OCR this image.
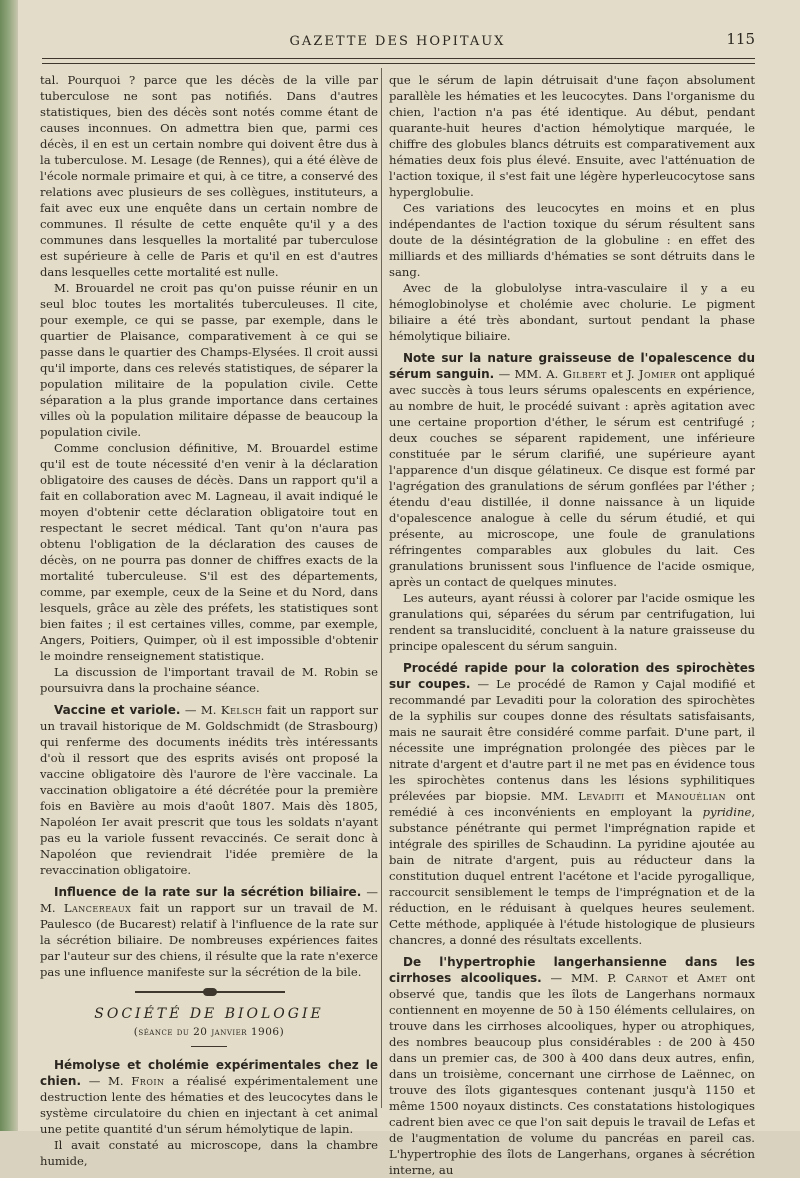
GAZETTE DES HOPITAUX	115

tal. Pourquoi ? parce que les décès de la ville par tuberculose ne sont pas notifiés. Dans d'autres statistiques, bien des décès sont notés comme étant de causes inconnues. On admettra bien que, parmi ces décès, il en est un certain nombre qui doivent être dus à la tuberculose. M. Lesage (de Rennes), qui a été élève de l'école normale primaire et qui, à ce titre, a conservé des relations avec plusieurs de ses collègues, instituteurs, a fait avec eux une enquête dans un certain nombre de communes. Il résulte de cette enquête qu'il y a des communes dans lesquelles la mortalité par tuberculose est supérieure à celle de Paris et qu'il en est d'autres dans lesquelles cette mortalité est nulle.

M. Brouardel ne croit pas qu'on puisse réunir en un seul bloc toutes les mortalités tuberculeuses. Il cite, pour exemple, ce qui se passe, par exemple, dans le quartier de Plaisance, comparativement à ce qui se passe dans le quartier des Champs-Elysées. Il croit aussi qu'il importe, dans ces relevés statistiques, de séparer la population militaire de la population civile. Cette séparation a la plus grande importance dans certaines villes où la population militaire dépasse de beaucoup la population civile.

Comme conclusion définitive, M. Brouardel estime qu'il est de toute nécessité d'en venir à la déclaration obligatoire des causes de décès. Dans un rapport qu'il a fait en collaboration avec M. Lagneau, il avait indiqué le moyen d'obtenir cette déclaration obligatoire tout en respectant le secret médical. Tant qu'on n'aura pas obtenu l'obligation de la déclaration des causes de décès, on ne pourra pas donner de chiffres exacts de la mortalité tuberculeuse. S'il est des départements, comme, par exemple, ceux de la Seine et du Nord, dans lesquels, grâce au zèle des préfets, les statistiques sont bien faites ; il est certaines villes, comme, par exemple, Angers, Poitiers, Quimper, où il est impossible d'obtenir le moindre renseignement statistique.

La discussion de l'important travail de M. Robin se poursuivra dans la prochaine séance.

Vaccine et variole. — M. Kelsch fait un rapport sur un travail historique de M. Goldschmidt (de Strasbourg) qui renferme des documents inédits très intéressants d'où il ressort que des esprits avisés ont proposé la vaccine obligatoire dès l'aurore de l'ère vaccinale. La vaccination obligatoire a été décrétée pour la première fois en Bavière au mois d'août 1807. Mais dès 1805, Napoléon Ier avait prescrit que tous les soldats n'ayant pas eu la variole fussent revaccinés. Ce serait donc à Napoléon que reviendrait l'idée première de la revaccination obligatoire.

Influence de la rate sur la sécrétion biliaire. — M. Lancereaux fait un rapport sur un travail de M. Paulesco (de Bucarest) relatif à l'influence de la rate sur la sécrétion biliaire. De nombreuses expériences faites par l'auteur sur des chiens, il résulte que la rate n'exerce pas une influence manifeste sur la sécrétion de la bile.

SOCIÉTÉ DE BIOLOGIE
(séance du 20 janvier 1906)

Hémolyse et cholémie expérimentales chez le chien. — M. Froin a réalisé expérimentalement une destruction lente des hématies et des leucocytes dans le système circulatoire du chien en injectant à cet animal une petite quantité d'un sérum hémolytique de lapin.

Il avait constaté au microscope, dans la chambre humide,

que le sérum de lapin détruisait d'une façon absolument parallèle les hématies et les leucocytes. Dans l'organisme du chien, l'action n'a pas été identique. Au début, pendant quarante-huit heures d'action hémolytique marquée, le chiffre des globules blancs détruits est comparativement aux hématies deux fois plus élevé. Ensuite, avec l'atténuation de l'action toxique, il s'est fait une légère hyperleucocytose sans hyperglobulie.

Ces variations des leucocytes en moins et en plus indépendantes de l'action toxique du sérum résultent sans doute de la désintégration de la globuline : en effet des milliards et des milliards d'hématies se sont détruits dans le sang.

Avec de la globulolyse intra-vasculaire il y a eu hémoglobinolyse et cholémie avec cholurie. Le pigment biliaire a été très abondant, surtout pendant la phase hémolytique biliaire.

Note sur la nature graisseuse de l'opalescence du sérum sanguin. — MM. A. Gilbert et J. Jomier ont appliqué avec succès à tous leurs sérums opalescents en expérience, au nombre de huit, le procédé suivant : après agitation avec une certaine proportion d'éther, le sérum est centrifugé ; deux couches se séparent rapidement, une inférieure constituée par le sérum clarifié, une supérieure ayant l'apparence d'un disque gélatineux. Ce disque est formé par l'agrégation des granulations de sérum gonflées par l'éther ; étendu d'eau distillée, il donne naissance à un liquide d'opalescence analogue à celle du sérum étudié, et qui présente, au microscope, une foule de granulations réfringentes comparables aux globules du lait. Ces granulations brunissent sous l'influence de l'acide osmique, après un contact de quelques minutes.

Les auteurs, ayant réussi à colorer par l'acide osmique les granulations qui, séparées du sérum par centrifugation, lui rendent sa translucidité, concluent à la nature graisseuse du principe opalescent du sérum sanguin.

Procédé rapide pour la coloration des spirochètes sur coupes. — Le procédé de Ramon y Cajal modifié et recommandé par Levaditi pour la coloration des spirochètes de la syphilis sur coupes donne des résultats satisfaisants, mais ne saurait être considéré comme parfait. D'une part, il nécessite une imprégnation prolongée des pièces par le nitrate d'argent et d'autre part il ne met pas en évidence tous les spirochètes contenus dans les lésions syphilitiques prélevées par biopsie. MM. Levaditi et Manouélian ont remédié à ces inconvénients en employant la pyridine, substance pénétrante qui permet l'imprégnation rapide et intégrale des spirilles de Schaudinn. La pyridine ajoutée au bain de nitrate d'argent, puis au réducteur dans la constitution duquel entrent l'acétone et l'acide pyrogallique, raccourcit sensiblement le temps de l'imprégnation et de la réduction, en le réduisant à quelques heures seulement. Cette méthode, appliquée à l'étude histologique de plusieurs chancres, a donné des résultats excellents.

De l'hypertrophie langerhansienne dans les cirrhoses alcooliques. — MM. P. Carnot et Amet ont observé que, tandis que les îlots de Langerhans normaux contiennent en moyenne de 50 à 150 éléments cellulaires, on trouve dans les cirrhoses alcooliques, hyper ou atrophiques, des nombres beaucoup plus considérables : de 200 à 450 dans un premier cas, de 300 à 400 dans deux autres, enfin, dans un troisième, concernant une cirrhose de Laënnec, on trouve des îlots gigantesques contenant jusqu'à 1150 et même 1500 noyaux distincts. Ces constatations histologiques cadrent bien avec ce que l'on sait depuis le travail de Lefas et de l'augmentation de volume du pancréas en pareil cas. L'hypertrophie des îlots de Langerhans, organes à sécrétion interne, au
